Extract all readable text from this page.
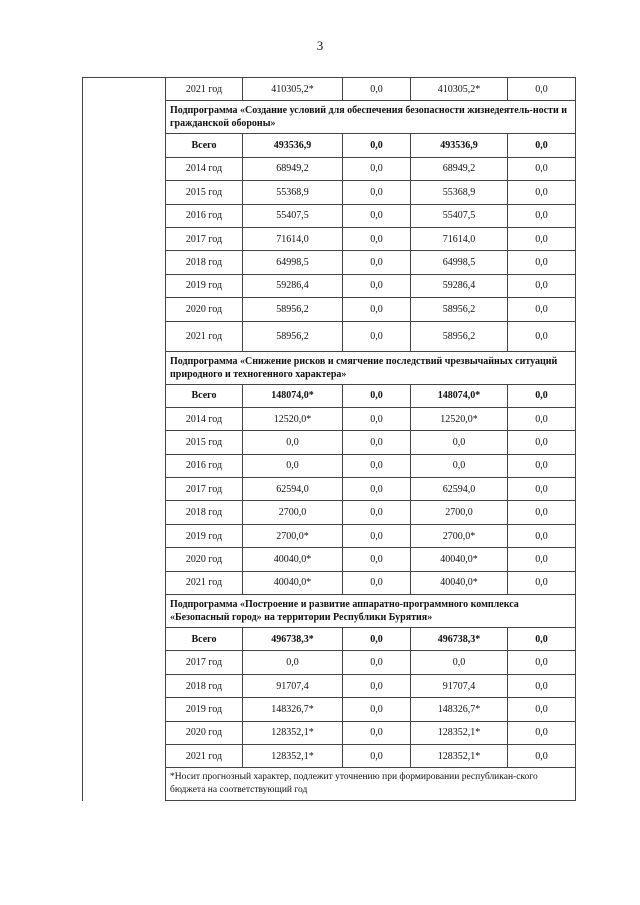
3
	2021 год	410305,2*	0,0	410305,2*	0,0
	Подпрограмма «Создание условий для обеспечения безопасности жизнедеятель-ности и гражданской обороны»				
	Всего	493536,9	0,0	493536,9	0,0
	2014 год	68949,2	0,0	68949,2	0,0
	2015 год	55368,9	0,0	55368,9	0,0
	2016 год	55407,5	0,0	55407,5	0,0
	2017 год	71614,0	0,0	71614,0	0,0
	2018 год	64998,5	0,0	64998,5	0,0
	2019 год	59286,4	0,0	59286,4	0,0
	2020 год	58956,2	0,0	58956,2	0,0
	2021 год	58956,2	0,0	58956,2	0,0
	Подпрограмма «Снижение рисков и смягчение последствий чрезвычайных ситуаций природного и техногенного характера»				
	Всего	148074,0*	0,0	148074,0*	0,0
	2014 год	12520,0*	0,0	12520,0*	0,0
	2015 год	0,0	0,0	0,0	0,0
	2016 год	0,0	0,0	0,0	0,0
	2017 год	62594,0	0,0	62594,0	0,0
	2018 год	2700,0	0,0	2700,0	0,0
	2019 год	2700,0*	0,0	2700,0*	0,0
	2020 год	40040,0*	0,0	40040,0*	0,0
	2021 год	40040,0*	0,0	40040,0*	0,0
	Подпрограмма «Построение и развитие аппаратно-программного комплекса «Безопасный город» на территории Республики Бурятия»				
	Всего	496738,3*	0,0	496738,3*	0,0
	2017 год	0,0	0,0	0,0	0,0
	2018 год	91707,4	0,0	91707,4	0,0
	2019 год	148326,7*	0,0	148326,7*	0,0
	2020 год	128352,1*	0,0	128352,1*	0,0
	2021 год	128352,1*	0,0	128352,1*	0,0
	*Носит прогнозный характер, подлежит уточнению при формировании республикан-ского бюджета на соответствующий год				
